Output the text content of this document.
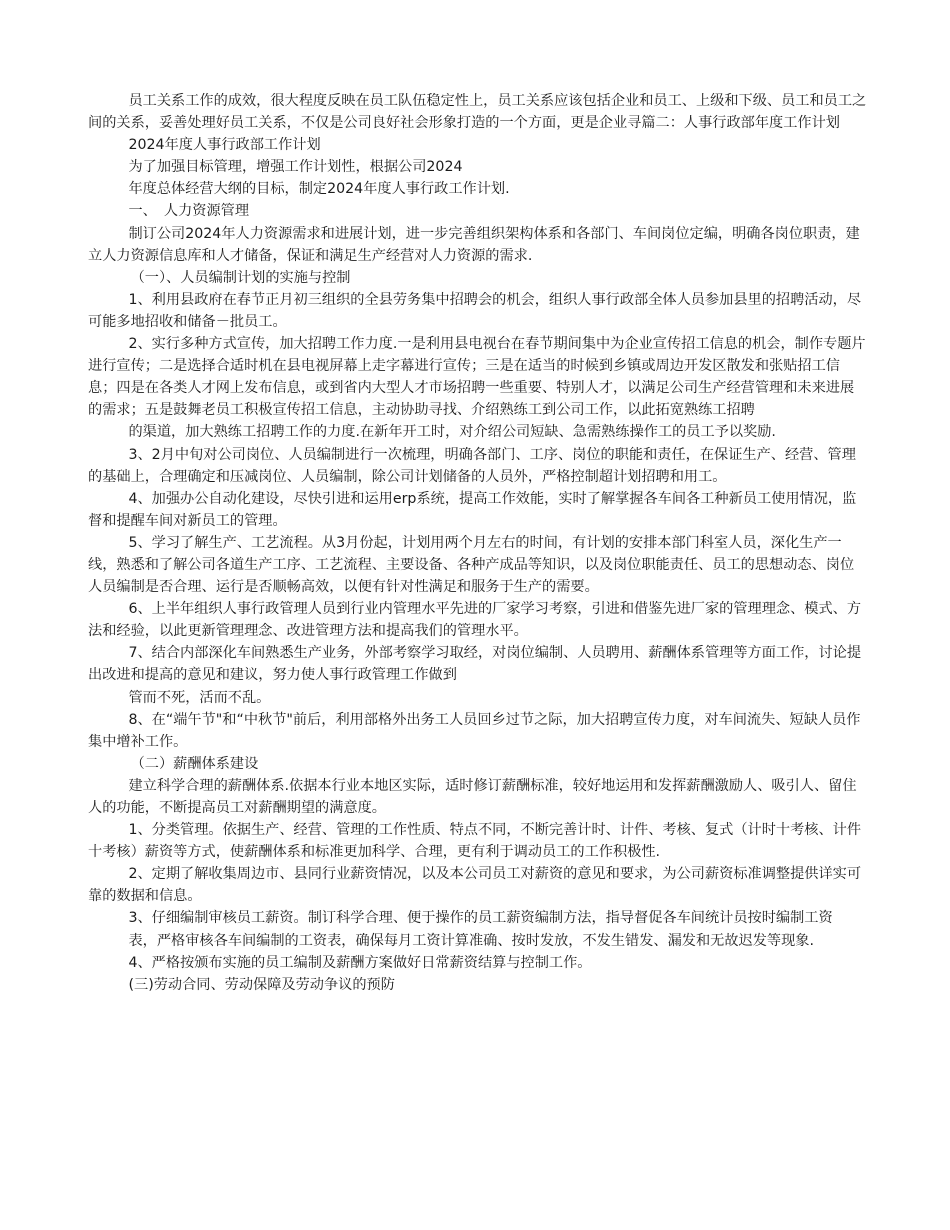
员工关系工作的成效，很大程度反映在员工队伍稳定性上，员工关系应该包括企业和员工、上级和下级、员工和员工之间的关系，妥善处理好员工关系，不仅是公司良好社会形象打造的一个方面，更是企业寻篇二：人事行政部年度工作计划

2024年度人事行政部工作计划

为了加强目标管理，增强工作计划性，根据公司2024

年度总体经营大纲的目标，制定2024年度人事行政工作计划.

一、　人力资源管理

制订公司2024年人力资源需求和进展计划，进一步完善组织架构体系和各部门、车间岗位定编，明确各岗位职责，建立人力资源信息库和人才储备，保证和满足生产经营对人力资源的需求.

（一）、人员编制计划的实施与控制

1、利用县政府在春节正月初三组织的全县劳务集中招聘会的机会，组织人事行政部全体人员参加县里的招聘活动，尽可能多地招收和储备－批员工。

2、实行多种方式宣传，加大招聘工作力度.一是利用县电视台在春节期间集中为企业宣传招工信息的机会，制作专题片进行宣传；二是选择合适时机在县电视屏幕上走字幕进行宣传；三是在适当的时候到乡镇或周边开发区散发和张贴招工信息；四是在各类人才网上发布信息，或到省内大型人才市场招聘一些重要、特别人才，以满足公司生产经营管理和未来进展的需求；五是鼓舞老员工积极宣传招工信息，主动协助寻找、介绍熟练工到公司工作，以此拓宽熟练工招聘

的渠道，加大熟练工招聘工作的力度.在新年开工时，对介绍公司短缺、急需熟练操作工的员工予以奖励.

3、2月中旬对公司岗位、人员编制进行一次梳理，明确各部门、工序、岗位的职能和责任，在保证生产、经营、管理的基础上，合理确定和压减岗位、人员编制，除公司计划储备的人员外，严格控制超计划招聘和用工。

4、加强办公自动化建设，尽快引进和运用erp系统，提高工作效能，实时了解掌握各车间各工种新员工使用情况，监督和提醒车间对新员工的管理。

5、学习了解生产、工艺流程。从3月份起，计划用两个月左右的时间，有计划的安排本部门科室人员，深化生产一线，熟悉和了解公司各道生产工序、工艺流程、主要设备、各种产成品等知识，以及岗位职能责任、员工的思想动态、岗位人员编制是否合理、运行是否顺畅高效，以便有针对性满足和服务于生产的需要。

6、上半年组织人事行政管理人员到行业内管理水平先进的厂家学习考察，引进和借鉴先进厂家的管理理念、模式、方法和经验，以此更新管理理念、改进管理方法和提高我们的管理水平。

7、结合内部深化车间熟悉生产业务，外部考察学习取经，对岗位编制、人员聘用、薪酬体系管理等方面工作，讨论提出改进和提高的意见和建议，努力使人事行政管理工作做到

管而不死，活而不乱。

8、在“端午节"和“中秋节"前后，利用部格外出务工人员回乡过节之际，加大招聘宣传力度，对车间流失、短缺人员作集中增补工作。

（二）薪酬体系建设

建立科学合理的薪酬体系.依据本行业本地区实际，适时修订薪酬标准，较好地运用和发挥薪酬激励人、吸引人、留住人的功能，不断提高员工对薪酬期望的满意度。

1、分类管理。依据生产、经营、管理的工作性质、特点不同，不断完善计时、计件、考核、复式（计时十考核、计件十考核）薪资等方式，使薪酬体系和标准更加科学、合理，更有利于调动员工的工作积极性.

2、定期了解收集周边市、县同行业薪资情况，以及本公司员工对薪资的意见和要求，为公司薪资标准调整提供详实可靠的数据和信息。

3、仔细编制审核员工薪资。制订科学合理、便于操作的员工薪资编制方法，指导督促各车间统计员按时编制工资

表，严格审核各车间编制的工资表，确保每月工资计算准确、按时发放，不发生错发、漏发和无故迟发等现象.

4、严格按颁布实施的员工编制及薪酬方案做好日常薪资结算与控制工作。

(三)劳动合同、劳动保障及劳动争议的预防
